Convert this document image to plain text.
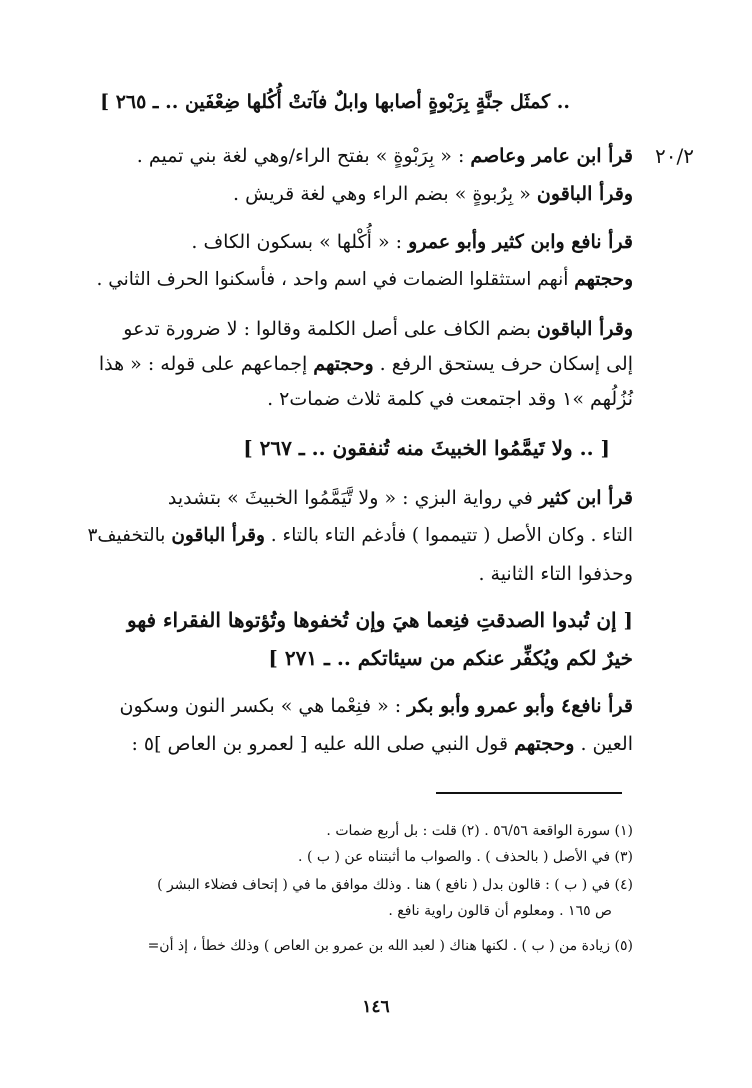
٢٠/٢
.. كمثَل جنَّةٍ بِرَبْوةٍ أصابها وابلٌ فآتتْ أُكُلها ضِعْفَين .. ـ ٢٦٥ ]
قرأ ابن عامر وعاصم : « بِرَبْوةٍ » بفتح الراء/وهي لغة بني تميم .
وقرأ الباقون « بِرُبوةٍ » بضم الراء وهي لغة قريش .
قرأ نافع وابن كثير وأبو عمرو : « أُكْلها » بسكون الكاف .
وحجتهم أنهم استثقلوا الضمات في اسم واحد ، فأسكنوا الحرف الثاني .
وقرأ الباقون بضم الكاف على أصل الكلمة وقالوا : لا ضرورة تدعو
إلى إسكان حرف يستحق الرفع . وحجتهم إجماعهم على قوله : « هذا
نُزُلُهم »١ وقد اجتمعت في كلمة ثلاث ضمات٢ .
[ .. ولا تَيمَّمُوا الخبيثَ منه تُنفقون .. ـ ٢٦٧ ]
قرأ ابن كثير في رواية البزي : « ولا تَّيَمَّمُوا الخبيثَ » بتشديد
التاء . وكان الأصل ( تتيمموا ) فأدغم التاء بالتاء . وقرأ الباقون بالتخفيف٣
وحذفوا التاء الثانية .
[ إن تُبدوا الصدقتِ فنِعما هيَ وإن تُخفوها وتُؤتوها الفقراء فهو
خيرٌ لكم ويُكفِّر عنكم من سيئاتكم .. ـ ٢٧١ ]
قرأ نافع٤ وأبو عمرو وأبو بكر : « فنِعْما هي » بكسر النون وسكون
العين . وحجتهم قول النبي صلى الله عليه [ لعمرو بن العاص ]٥ :
(١) سورة الواقعة ٥٦/٥٦ . (٢) قلت : بل أربع ضمات .
(٣) في الأصل ( بالحذف ) . والصواب ما أثبتناه عن ( ب ) .
(٤) في ( ب ) : قالون بدل ( نافع ) هنا . وذلك موافق ما في ( إتحاف فضلاء البشر )
ص ١٦٥ . ومعلوم أن قالون راوية نافع .
(٥) زيادة من ( ب ) . لكنها هناك ( لعبد الله بن عمرو بن العاص ) وذلك خطأ ، إذ أن=
١٤٦
